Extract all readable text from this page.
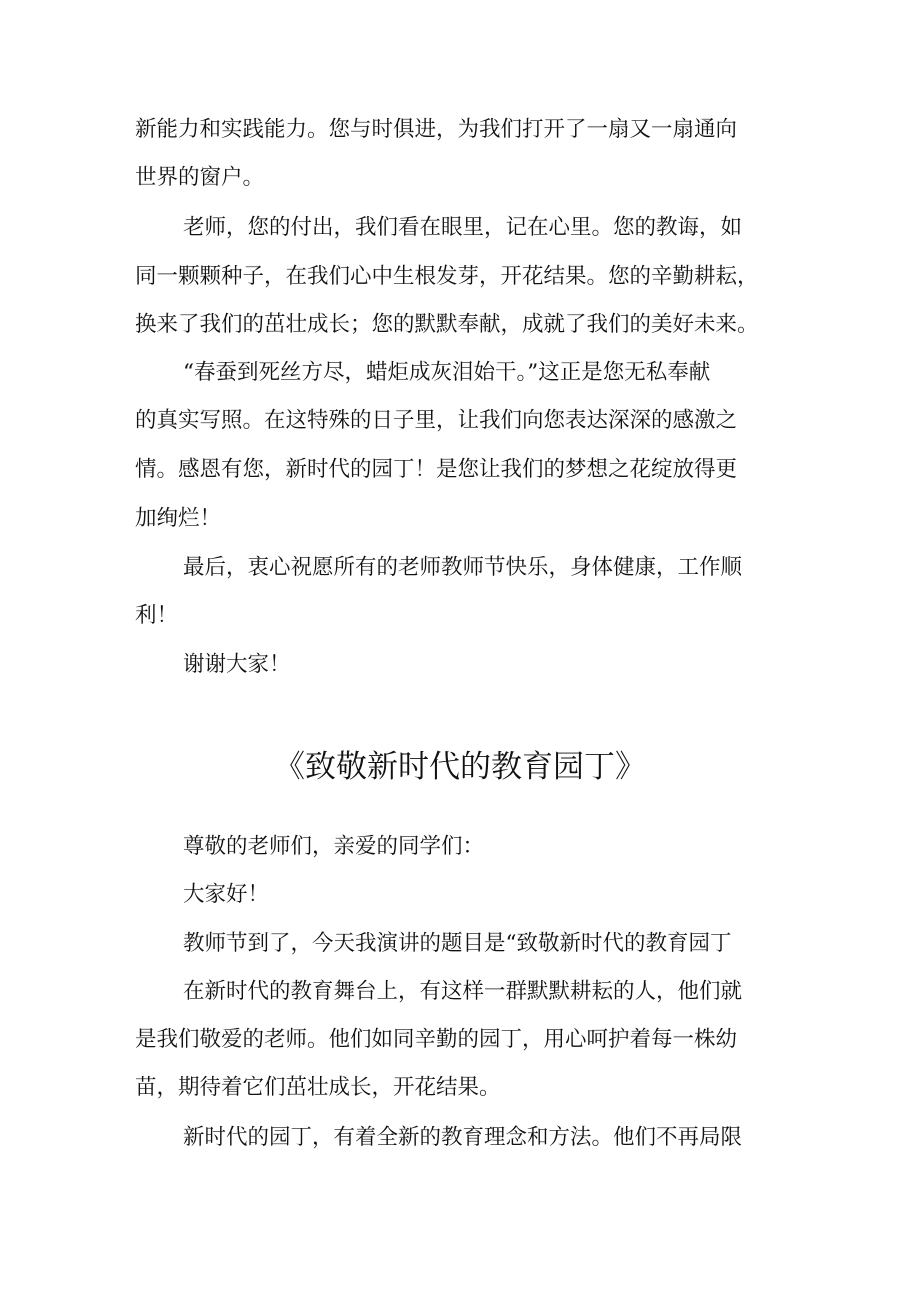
新能力和实践能力。您与时俱进，为我们打开了一扇又一扇通向
世界的窗户。
老师，您的付出，我们看在眼里，记在心里。您的教诲，如
同一颗颗种子，在我们心中生根发芽，开花结果。您的辛勤耕耘，
换来了我们的茁壮成长；您的默默奉献，成就了我们的美好未来。
“春蚕到死丝方尽，蜡炬成灰泪始干。”这正是您无私奉献
的真实写照。在这特殊的日子里，让我们向您表达深深的感激之
情。感恩有您，新时代的园丁！是您让我们的梦想之花绽放得更
加绚烂！
最后，衷心祝愿所有的老师教师节快乐，身体健康，工作顺
利！
谢谢大家！
《致敬新时代的教育园丁》
尊敬的老师们，亲爱的同学们：
大家好！
教师节到了，今天我演讲的题目是“致敬新时代的教育园丁
在新时代的教育舞台上，有这样一群默默耕耘的人，他们就
是我们敬爱的老师。他们如同辛勤的园丁，用心呵护着每一株幼
苗，期待着它们茁壮成长，开花结果。
新时代的园丁，有着全新的教育理念和方法。他们不再局限
